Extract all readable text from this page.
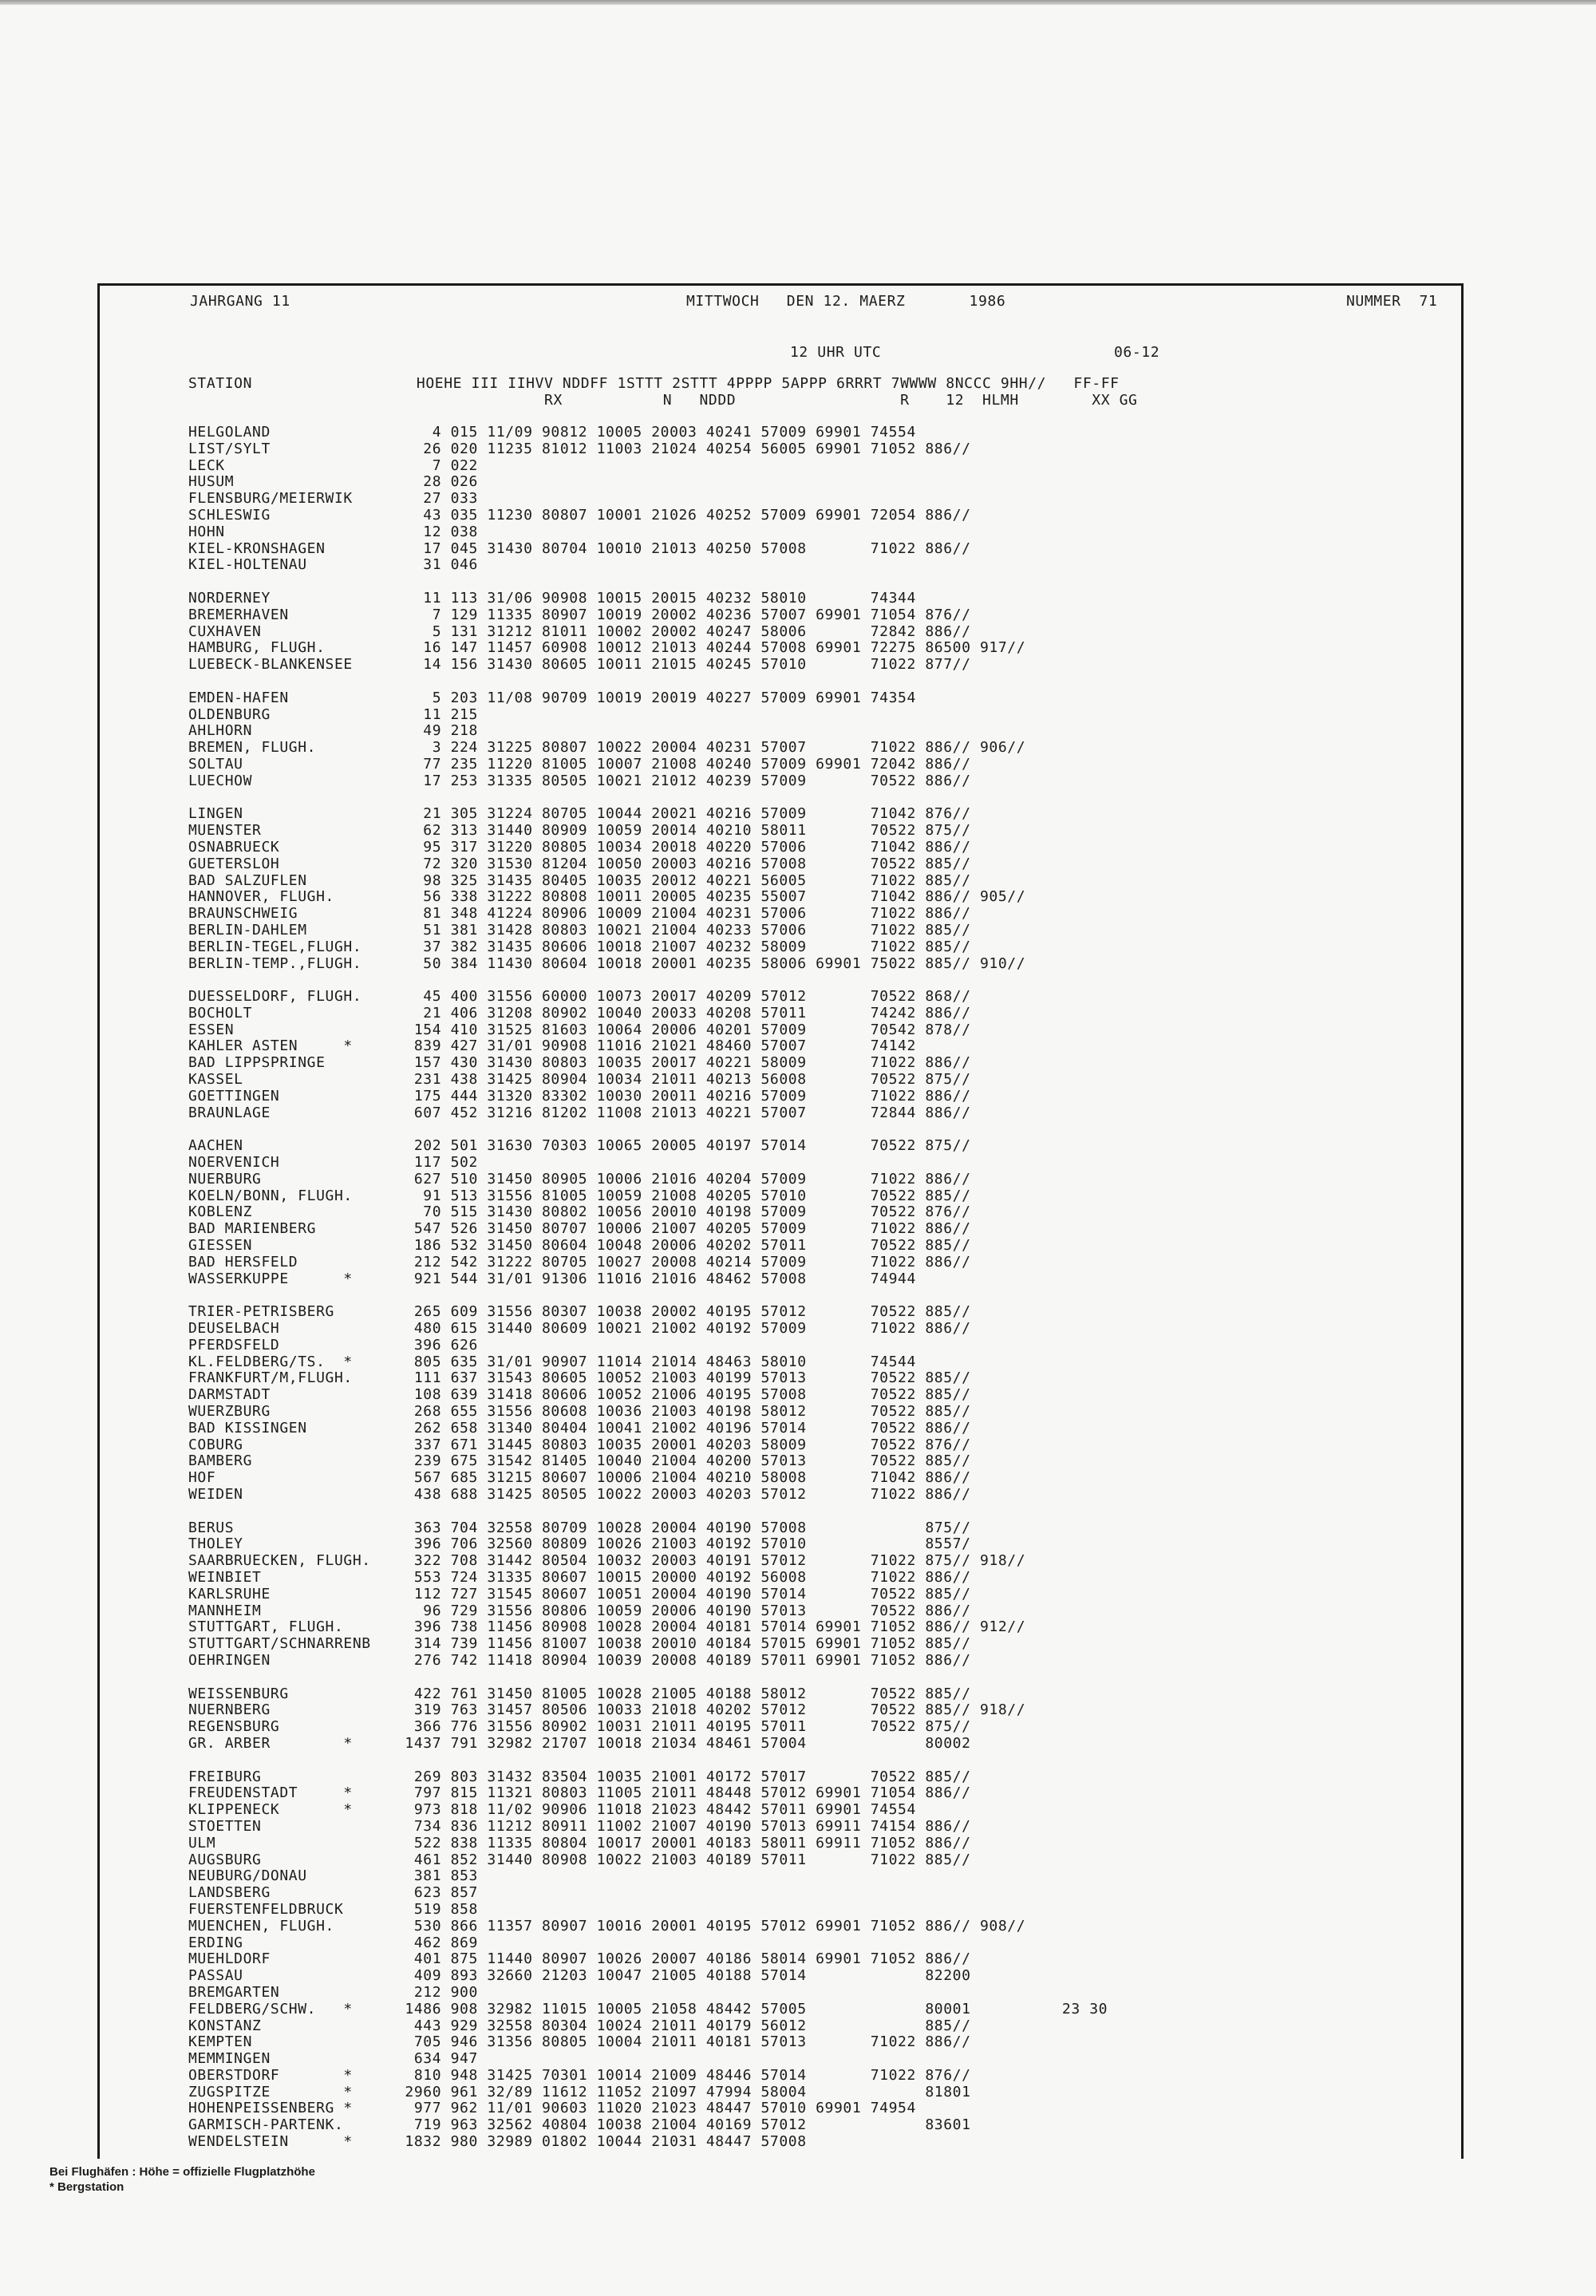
JAHRGANG 11	MITTWOCH   DEN 12. MAERZ       1986	NUMMER  71
12 UHR UTC	06-12
STATION                  HOEHE III IIHVV NDDFF 1STTT 2STTT 4PPPP 5APPP 6RRRT 7WWWW 8NCCC 9HH//   FF-FF
RX           N   NDDD                  R    12  HLMH        XX GG
HELGOLAND	4 015 11/09 90812 10005 20003 40241 57009 69901 74554
LIST/SYLT	26 020 11235 81012 11003 21024 40254 56005 69901 71052 886//
LECK	7 022
HUSUM	28 026
FLENSBURG/MEIERWIK	27 033
SCHLESWIG	43 035 11230 80807 10001 21026 40252 57009 69901 72054 886//
HOHN	12 038
KIEL-KRONSHAGEN	17 045 31430 80704 10010 21013 40250 57008       71022 886//
KIEL-HOLTENAU	31 046
NORDERNEY	11 113 31/06 90908 10015 20015 40232 58010       74344
BREMERHAVEN	7 129 11335 80907 10019 20002 40236 57007 69901 71054 876//
CUXHAVEN	5 131 31212 81011 10002 20002 40247 58006       72842 886//
HAMBURG, FLUGH.	16 147 11457 60908 10012 21013 40244 57008 69901 72275 86500 917//
LUEBECK-BLANKENSEE	14 156 31430 80605 10011 21015 40245 57010       71022 877//
EMDEN-HAFEN	5 203 11/08 90709 10019 20019 40227 57009 69901 74354
OLDENBURG	11 215
AHLHORN	49 218
BREMEN, FLUGH.	3 224 31225 80807 10022 20004 40231 57007       71022 886// 906//
SOLTAU	77 235 11220 81005 10007 21008 40240 57009 69901 72042 886//
LUECHOW	17 253 31335 80505 10021 21012 40239 57009       70522 886//
LINGEN	21 305 31224 80705 10044 20021 40216 57009       71042 876//
MUENSTER	62 313 31440 80909 10059 20014 40210 58011       70522 875//
OSNABRUECK	95 317 31220 80805 10034 20018 40220 57006       71042 886//
GUETERSLOH	72 320 31530 81204 10050 20003 40216 57008       70522 885//
BAD SALZUFLEN	98 325 31435 80405 10035 20012 40221 56005       71022 885//
HANNOVER, FLUGH.	56 338 31222 80808 10011 20005 40235 55007       71042 886// 905//
BRAUNSCHWEIG	81 348 41224 80906 10009 21004 40231 57006       71022 886//
BERLIN-DAHLEM	51 381 31428 80803 10021 21004 40233 57006       71022 885//
BERLIN-TEGEL,FLUGH. 37 382 31435 80606 10018 21007 40232 58009       71022 885//
BERLIN-TEMP.,FLUGH. 50 384 11430 80604 10018 20001 40235 58006 69901 75022 885// 910//
DUESSELDORF, FLUGH. 45 400 31556 60000 10073 20017 40209 57012       70522 868//
BOCHOLT	21 406 31208 80902 10040 20033 40208 57011       74242 886//
ESSEN	154 410 31525 81603 10064 20006 40201 57009       70542 878//
KAHLER ASTEN     *	839 427 31/01 90908 11016 21021 48460 57007       74142
BAD LIPPSPRINGE	157 430 31430 80803 10035 20017 40221 58009       71022 886//
KASSEL	231 438 31425 80904 10034 21011 40213 56008       70522 875//
GOETTINGEN	175 444 31320 83302 10030 20011 40216 57009       71022 886//
BRAUNLAGE	607 452 31216 81202 11008 21013 40221 57007       72844 886//
AACHEN	202 501 31630 70303 10065 20005 40197 57014       70522 875//
NOERVENICH	117 502
NUERBURG	627 510 31450 80905 10006 21016 40204 57009       71022 886//
KOELN/BONN, FLUGH.	91 513 31556 81005 10059 21008 40205 57010       70522 885//
KOBLENZ	70 515 31430 80802 10056 20010 40198 57009       70522 876//
BAD MARIENBERG	547 526 31450 80707 10006 21007 40205 57009       71022 886//
GIESSEN	186 532 31450 80604 10048 20006 40202 57011       70522 885//
BAD HERSFELD	212 542 31222 80705 10027 20008 40214 57009       71022 886//
WASSERKUPPE      *	921 544 31/01 91306 11016 21016 48462 57008       74944
TRIER-PETRISBERG	265 609 31556 80307 10038 20002 40195 57012       70522 885//
DEUSELBACH	480 615 31440 80609 10021 21002 40192 57009       71022 886//
PFERDSFELD	396 626
KL.FELDBERG/TS.  *	805 635 31/01 90907 11014 21014 48463 58010       74544
FRANKFURT/M,FLUGH.	111 637 31543 80605 10052 21003 40199 57013       70522 885//
DARMSTADT	108 639 31418 80606 10052 21006 40195 57008       70522 885//
WUERZBURG	268 655 31556 80608 10036 21003 40198 58012       70522 885//
BAD KISSINGEN	262 658 31340 80404 10041 21002 40196 57014       70522 886//
COBURG	337 671 31445 80803 10035 20001 40203 58009       70522 876//
BAMBERG	239 675 31542 81405 10040 21004 40200 57013       70522 885//
HOF	567 685 31215 80607 10006 21004 40210 58008       71042 886//
WEIDEN	438 688 31425 80505 10022 20003 40203 57012       71022 886//
BERUS	363 704 32558 80709 10028 20004 40190 57008             875//
THOLEY	396 706 32560 80809 10026 21003 40192 57010             8557/
SAARBRUECKEN, FLUGH. 322 708 31442 80504 10032 20003 40191 57012       71022 875// 918//
WEINBIET	553 724 31335 80607 10015 20000 40192 56008       71022 886//
KARLSRUHE	112 727 31545 80607 10051 20004 40190 57014       70522 885//
MANNHEIM	96 729 31556 80806 10059 20006 40190 57013       70522 886//
STUTTGART, FLUGH.	396 738 11456 80908 10028 20004 40181 57014 69901 71052 886// 912//
STUTTGART/SCHNARRENB 314 739 11456 81007 10038 20010 40184 57015 69901 71052 885//
OEHRINGEN	276 742 11418 80904 10039 20008 40189 57011 69901 71052 886//
WEISSENBURG	422 761 31450 81005 10028 21005 40188 58012       70522 885//
NUERNBERG	319 763 31457 80506 10033 21018 40202 57012       70522 885// 918//
REGENSBURG	366 776 31556 80902 10031 21011 40195 57011       70522 875//
GR. ARBER        *	1437 791 32982 21707 10018 21034 48461 57004             80002
FREIBURG	269 803 31432 83504 10035 21001 40172 57017       70522 885//
FREUDENSTADT     *	797 815 11321 80803 11005 21011 48448 57012 69901 71054 886//
KLIPPENECK       *	973 818 11/02 90906 11018 21023 48442 57011 69901 74554
STOETTEN	734 836 11212 80911 11002 21007 40190 57013 69911 74154 886//
ULM	522 838 11335 80804 10017 20001 40183 58011 69911 71052 886//
AUGSBURG	461 852 31440 80908 10022 21003 40189 57011       71022 885//
NEUBURG/DONAU	381 853
LANDSBERG	623 857
FUERSTENFELDBRUCK	519 858
MUENCHEN, FLUGH.	530 866 11357 80907 10016 20001 40195 57012 69901 71052 886// 908//
ERDING	462 869
MUEHLDORF	401 875 11440 80907 10026 20007 40186 58014 69901 71052 886//
PASSAU	409 893 32660 21203 10047 21005 40188 57014             82200
BREMGARTEN	212 900
FELDBERG/SCHW.   *	1486 908 32982 11015 10005 21058 48442 57005             80001          23 30
KONSTANZ	443 929 32558 80304 10024 21011 40179 56012             885//
KEMPTEN	705 946 31356 80805 10004 21011 40181 57013       71022 886//
MEMMINGEN	634 947
OBERSTDORF       *	810 948 31425 70301 10014 21009 48446 57014       71022 876//
ZUGSPITZE        *	2960 961 32/89 11612 11052 21097 47994 58004             81801
HOHENPEISSENBERG *	977 962 11/01 90603 11020 21023 48447 57010 69901 74954
GARMISCH-PARTENK.	719 963 32562 40804 10038 21004 40169 57012             83601
WENDELSTEIN      *	1832 980 32989 01802 10044 21031 48447 57008
Bei Flughäfen : Höhe = offizielle Flugplatzhöhe
* Bergstation
